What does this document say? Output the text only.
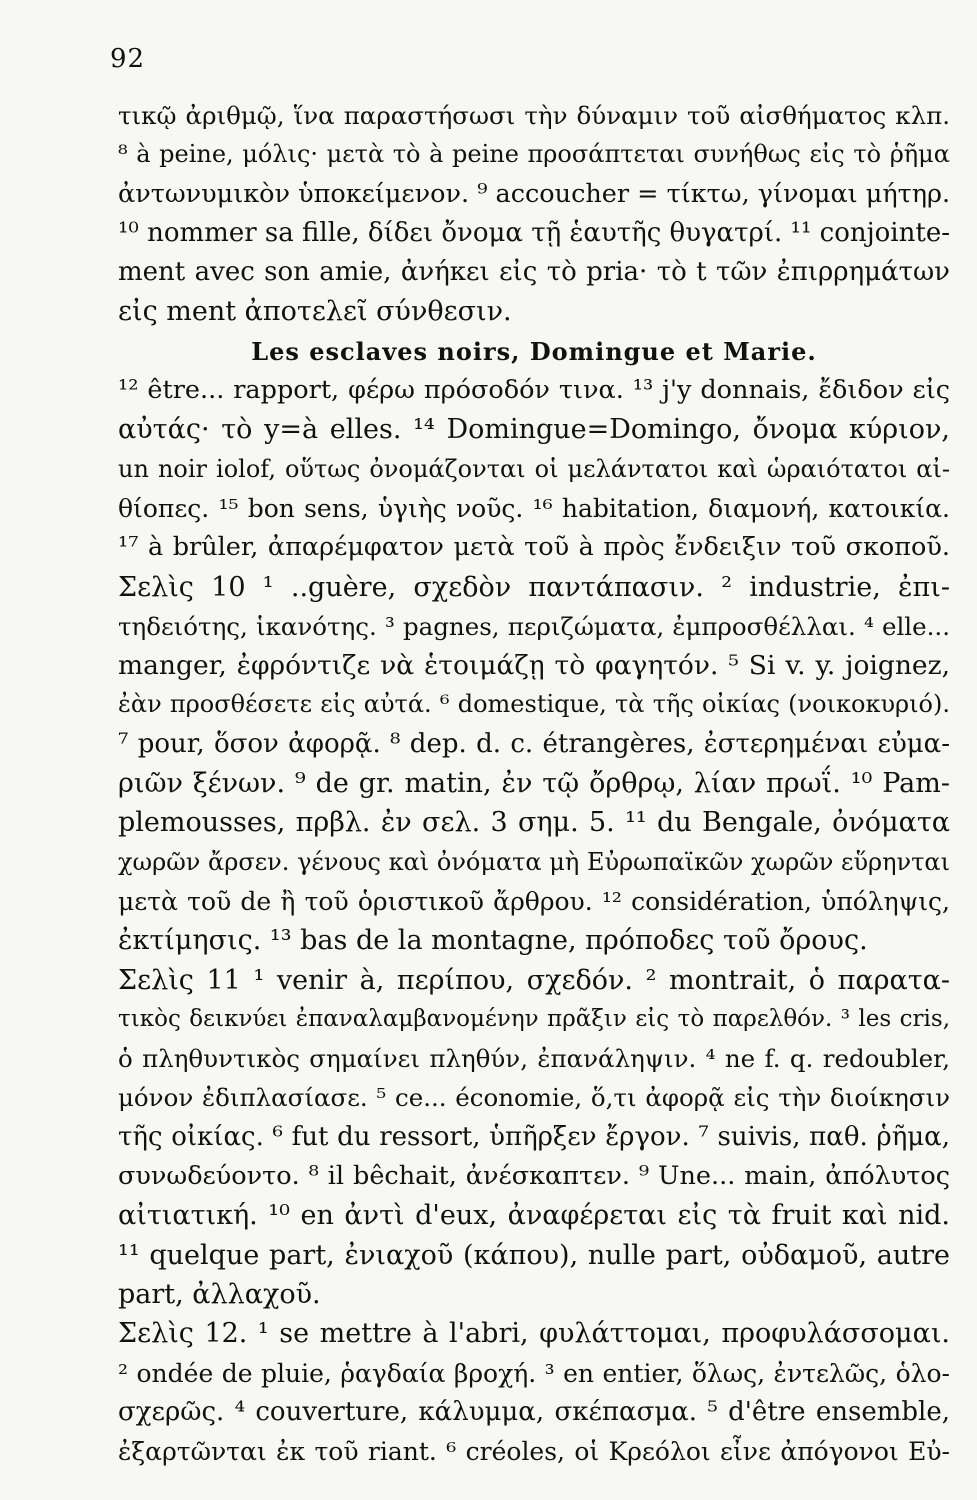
92
τικῷ ἀριθμῷ, ἵνα παραστήσωσι τὴν δύναμιν τοῦ αἰσθήματος κλπ.
⁸ à peine, μόλις· μετὰ τὸ à peine προσάπτεται συνήθως εἰς τὸ ῥῆμα
ἀντωνυμικὸν ὑποκείμενον. ⁹ accoucher = τίκτω, γίνομαι μήτηρ.
¹⁰ nommer sa fille, δίδει ὄνομα τῇ ἑαυτῆς θυγατρί. ¹¹ conjointe-
ment avec son amie, ἀνήκει εἰς τὸ pria· τὸ t τῶν ἐπιρρημάτων
εἰς ment ἀποτελεῖ σύνθεσιν.
Les esclaves noirs, Domingue et Marie.
¹² être... rapport, φέρω πρόσοδόν τινα. ¹³ j'y donnais, ἔδιδον εἰς
αὐτάς· τὸ y=à elles. ¹⁴ Domingue=Domingo, ὄνομα κύριον,
un noir iolof, οὕτως ὀνομάζονται οἱ μελάντατοι καὶ ὡραιότατοι αἰ-
θίοπες. ¹⁵ bon sens, ὑγιὴς νοῦς. ¹⁶ habitation, διαμονή, κατοικία.
¹⁷ à brûler, ἀπαρέμφατον μετὰ τοῦ à πρὸς ἔνδειξιν τοῦ σκοποῦ.
Σελὶς 10 ¹ ..guère, σχεδὸν παντάπασιν. ² industrie, ἐπι-
τηδειότης, ἱκανότης. ³ pagnes, περιζώματα, ἐμπροσθέλλαι. ⁴ elle...
manger, ἐφρόντιζε νὰ ἑτοιμάζῃ τὸ φαγητόν. ⁵ Si v. y. joignez,
ἐὰν προσθέσετε εἰς αὐτά. ⁶ domestique, τὰ τῆς οἰκίας (νοικοκυριό).
⁷ pour, ὅσον ἀφορᾷ. ⁸ dep. d. c. étrangères, ἐστερημέναι εὐμα-
ριῶν ξένων. ⁹ de gr. matin, ἐν τῷ ὄρθρῳ, λίαν πρωΐ. ¹⁰ Pam-
plemousses, πρβλ. ἐν σελ. 3 σημ. 5. ¹¹ du Bengale, ὀνόματα
χωρῶν ἄρσεν. γένους καὶ ὀνόματα μὴ Εὐρωπαϊκῶν χωρῶν εὕρηνται
μετὰ τοῦ de ἢ τοῦ ὁριστικοῦ ἄρθρου. ¹² considération, ὑπόληψις,
ἐκτίμησις. ¹³ bas de la montagne, πρόποδες τοῦ ὄρους.
Σελὶς 11 ¹ venir à, περίπου, σχεδόν. ² montrait, ὁ παρατα-
τικὸς δεικνύει ἐπαναλαμβανομένην πρᾶξιν εἰς τὸ παρελθόν. ³ les cris,
ὁ πληθυντικὸς σημαίνει πληθύν, ἐπανάληψιν. ⁴ ne f. q. redoubler,
μόνον ἐδιπλασίασε. ⁵ ce... économie, ὅ,τι ἀφορᾷ εἰς τὴν διοίκησιν
τῆς οἰκίας. ⁶ fut du ressort, ὑπῆρξεν ἔργον. ⁷ suivis, παθ. ῥῆμα,
συνωδεύοντο. ⁸ il bêchait, ἀνέσκαπτεν. ⁹ Une... main, ἀπόλυτος
αἰτιατική. ¹⁰ en ἀντὶ d'eux, ἀναφέρεται εἰς τὰ fruit καὶ nid.
¹¹ quelque part, ἐνιαχοῦ (κάπου), nulle part, οὐδαμοῦ, autre
part, ἀλλαχοῦ.
Σελὶς 12. ¹ se mettre à l'abri, φυλάττομαι, προφυλάσσομαι.
² ondée de pluie, ῥαγδαία βροχή. ³ en entier, ὅλως, ἐντελῶς, ὁλο-
σχερῶς. ⁴ couverture, κάλυμμα, σκέπασμα. ⁵ d'être ensemble,
ἐξαρτῶνται ἐκ τοῦ riant. ⁶ créoles, οἱ Κρεόλοι εἶνε ἀπόγονοι Εὐ-
